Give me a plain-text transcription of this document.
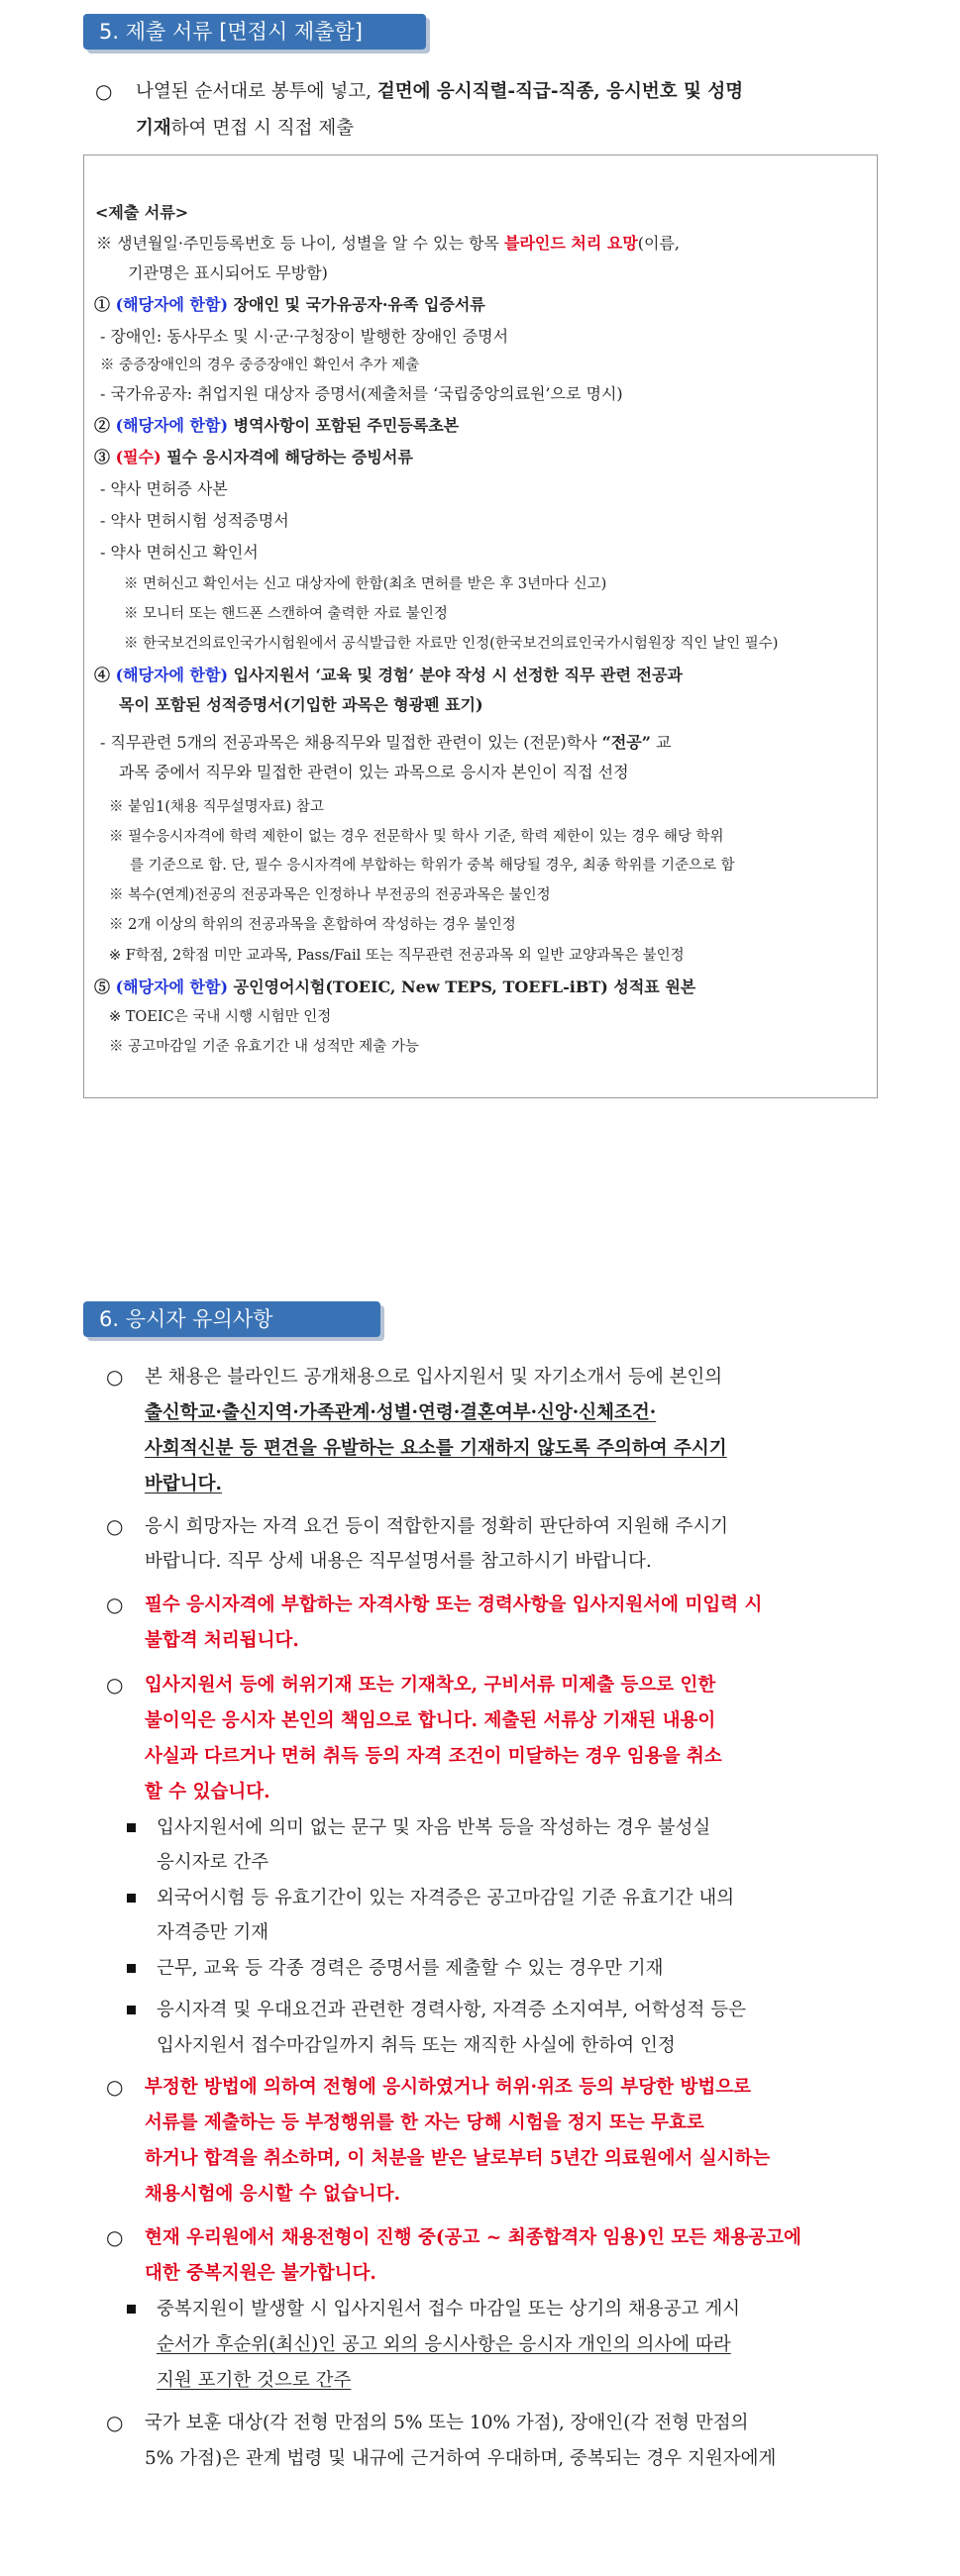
5. 제출 서류 [면접시 제출함]
○ 나열된 순서대로 봉투에 넣고, 겉면에 응시직렬-직급-직종, 응시번호 및 성명
기재하여 면접 시 직접 제출
<제출 서류>
※ 생년월일·주민등록번호 등 나이, 성별을 알 수 있는 항목 블라인드 처리 요망(이름,
기관명은 표시되어도 무방함)
① (해당자에 한함) 장애인 및 국가유공자·유족 입증서류
- 장애인: 동사무소 및 시·군·구청장이 발행한 장애인 증명서
※ 중증장애인의 경우 중증장애인 확인서 추가 제출
- 국가유공자: 취업지원 대상자 증명서(제출처를 ‘국립중앙의료원’으로 명시)
② (해당자에 한함) 병역사항이 포함된 주민등록초본
③ (필수) 필수 응시자격에 해당하는 증빙서류
- 약사 면허증 사본
- 약사 면허시험 성적증명서
- 약사 면허신고 확인서
※ 면허신고 확인서는 신고 대상자에 한함(최초 면허를 받은 후 3년마다 신고)
※ 모니터 또는 핸드폰 스캔하여 출력한 자료 불인정
※ 한국보건의료인국가시험원에서 공식발급한 자료만 인정(한국보건의료인국가시험원장 직인 날인 필수)
④ (해당자에 한함) 입사지원서 ‘교육 및 경험’ 분야 작성 시 선정한 직무 관련 전공과
목이 포함된 성적증명서(기입한 과목은 형광펜 표기)
- 직무관련 5개의 전공과목은 채용직무와 밀접한 관련이 있는 (전문)학사 “전공” 교
과목 중에서 직무와 밀접한 관련이 있는 과목으로 응시자 본인이 직접 선정
※ 붙임1(채용 직무설명자료) 참고
※ 필수응시자격에 학력 제한이 없는 경우 전문학사 및 학사 기준, 학력 제한이 있는 경우 해당 학위
를 기준으로 함. 단, 필수 응시자격에 부합하는 학위가 중복 해당될 경우, 최종 학위를 기준으로 함
※ 복수(연계)전공의 전공과목은 인정하나 부전공의 전공과목은 불인정
※ 2개 이상의 학위의 전공과목을 혼합하여 작성하는 경우 불인정
※ F학점, 2학점 미만 교과목, Pass/Fail 또는 직무관련 전공과목 외 일반 교양과목은 불인정
⑤ (해당자에 한함) 공인영어시험(TOEIC, New TEPS, TOEFL-iBT) 성적표 원본
※ TOEIC은 국내 시행 시험만 인정
※ 공고마감일 기준 유효기간 내 성적만 제출 가능
6. 응시자 유의사항
○ 본 채용은 블라인드 공개채용으로 입사지원서 및 자기소개서 등에 본인의
출신학교·출신지역·가족관계·성별·연령·결혼여부·신앙·신체조건·
사회적신분 등 편견을 유발하는 요소를 기재하지 않도록 주의하여 주시기
바랍니다.
○ 응시 희망자는 자격 요건 등이 적합한지를 정확히 판단하여 지원해 주시기
바랍니다. 직무 상세 내용은 직무설명서를 참고하시기 바랍니다.
○ 필수 응시자격에 부합하는 자격사항 또는 경력사항을 입사지원서에 미입력 시
불합격 처리됩니다.
○ 입사지원서 등에 허위기재 또는 기재착오, 구비서류 미제출 등으로 인한
불이익은 응시자 본인의 책임으로 합니다. 제출된 서류상 기재된 내용이
사실과 다르거나 면허 취득 등의 자격 조건이 미달하는 경우 임용을 취소
할 수 있습니다.
입사지원서에 의미 없는 문구 및 자음 반복 등을 작성하는 경우 불성실
응시자로 간주
외국어시험 등 유효기간이 있는 자격증은 공고마감일 기준 유효기간 내의
자격증만 기재
근무, 교육 등 각종 경력은 증명서를 제출할 수 있는 경우만 기재
응시자격 및 우대요건과 관련한 경력사항, 자격증 소지여부, 어학성적 등은
입사지원서 접수마감일까지 취득 또는 재직한 사실에 한하여 인정
○ 부정한 방법에 의하여 전형에 응시하였거나 허위·위조 등의 부당한 방법으로
서류를 제출하는 등 부정행위를 한 자는 당해 시험을 정지 또는 무효로
하거나 합격을 취소하며, 이 처분을 받은 날로부터 5년간 의료원에서 실시하는
채용시험에 응시할 수 없습니다.
○ 현재 우리원에서 채용전형이 진행 중(공고 ~ 최종합격자 임용)인 모든 채용공고에
대한 중복지원은 불가합니다.
중복지원이 발생할 시 입사지원서 접수 마감일 또는 상기의 채용공고 게시
순서가 후순위(최신)인 공고 외의 응시사항은 응시자 개인의 의사에 따라
지원 포기한 것으로 간주
○ 국가 보훈 대상(각 전형 만점의 5% 또는 10% 가점), 장애인(각 전형 만점의
5% 가점)은 관계 법령 및 내규에 근거하여 우대하며, 중복되는 경우 지원자에게
